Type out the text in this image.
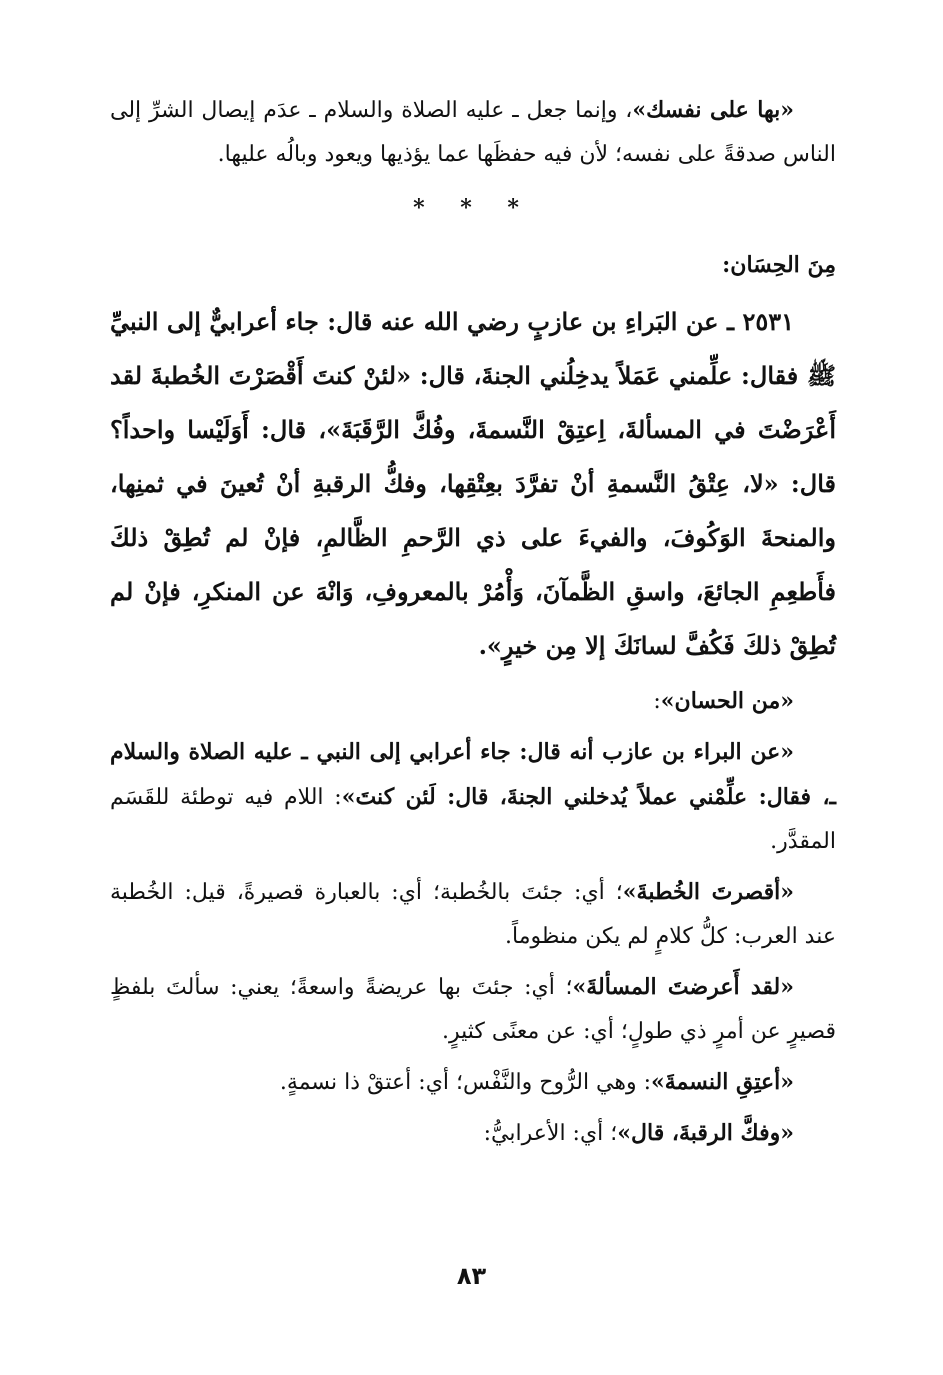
«بها على نفسك»، وإنما جعل ـ عليه الصلاة والسلام ـ عدَم إيصال الشرِّ إلى الناس صدقةً على نفسه؛ لأن فيه حفظَها عما يؤذيها ويعود وبالُه عليها.

* * *
مِنَ الحِسَان:

٢٥٣١ ـ عن البَراءِ بن عازبٍ رضي الله عنه قال: جاء أعرابيٌّ إلى النبيِّ ﷺ فقال: علِّمني عَمَلاً يدخِلُني الجنةَ، قال: «لئنْ كنتَ أَقْصَرْتَ الخُطبةَ لقد أَعْرَضْتَ في المسألةَ، اِعتِقْ النَّسمةَ، وفُكَّ الرَّقَبَةَ»، قال: أَوَلَيْسا واحداً؟ قال: «لا، عِتْقُ النَّسمةِ أنْ تفرَّدَ بعِتْقِها، وفكُّ الرقبةِ أنْ تُعينَ في ثمنِها، والمنحةَ الوَكُوفَ، والفيءَ على ذي الرَّحمِ الظَّالمِ، فإنْ لم تُطِقْ ذلكَ فأَطعِمِ الجائعَ، واسقِ الظَّمآنَ، وَأْمُرْ بالمعروفِ، وَانْهَ عن المنكرِ، فإنْ لم تُطِقْ ذلكَ فَكُفَّ لسانَكَ إلا مِن خيرٍ».

«من الحسان»:

«عن البراء بن عازب أنه قال: جاء أعرابي إلى النبي ـ عليه الصلاة والسلام ـ، فقال: علِّمْني عملاً يُدخلني الجنةَ، قال: لَئن كنتَ»: اللام فيه توطئة للقَسَم المقدَّر.

«أقصرتَ الخُطبةَ»؛ أي: جئتَ بالخُطبة؛ أي: بالعبارة قصيرةً، قيل: الخُطبة عند العرب: كلُّ كلامٍ لم يكن منظوماً.

«لقد أَعرضتَ المسألةَ»؛ أي: جئتَ بها عريضةً واسعةً؛ يعني: سألتَ بلفظٍ قصيرٍ عن أمرٍ ذي طولٍ؛ أي: عن معنًى كثيرٍ.

«أعتِقِ النسمةَ»: وهي الرُّوح والنَّفْس؛ أي: أعتقْ ذا نسمةٍ.

«وفكَّ الرقبةَ، قال»؛ أي: الأعرابيُّ:

٨٣
